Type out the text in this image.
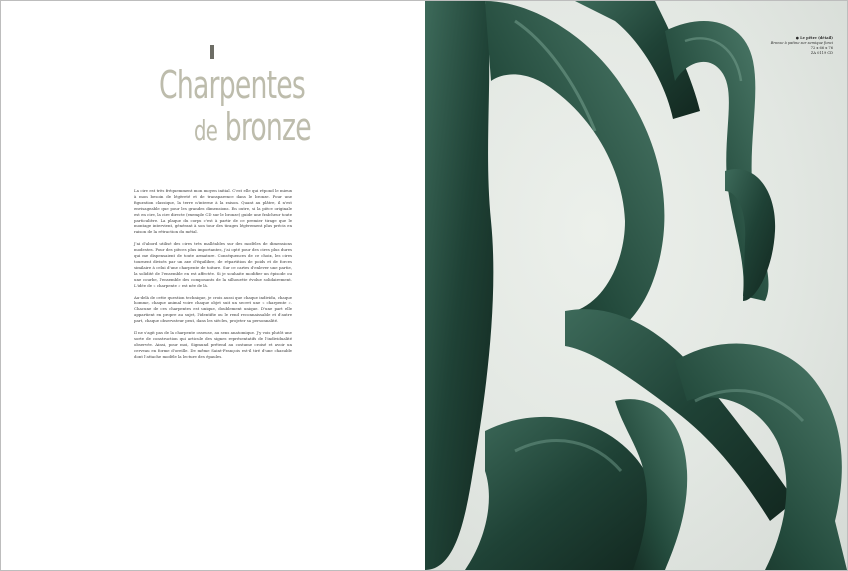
Charpentes
de bronze

La cire est très fréquemment mon moyen initial. C'est elle qui répond le mieux à mon besoin de légèreté et de transparence dans le bronze. Pour une figuration classique, la terre n'interne à la raison. Quant au plâtre, il n'est envisageable que pour les grandes dimensions. En outre, si la pièce originale est en cire, la cire directe (exemple CD sur le bronze) guide une fraîcheur toute particulière. La plaque du corps c'est à partir de ce premier tirage que le montage intervient, générant à son tour des tirages légèrement plus précis en raison de la rétraction du métal.

J'ai d'abord utilisé des cires très malléables sur des modèles de dimensions modestes. Pour des pièces plus importantes, j'ai opté pour des cires plus dures qui me dispensaient de toute armature. Conséquences de ce choix, les cires tournent divisés par un axe d'équilibre, de répartition de poids et de forces similaire à celui d'une charpente de toiture. Sur ce cartes d'enlever une partie, la solidité de l'ensemble en est affectée. Si je souhaite modifier un épisode ou une courbe, l'ensemble des composants de la silhouette évolue solidairement. L'idée de « charpente » est née de là.

Au-delà de cette question technique, je crois aussi que chaque individu, chaque homme, chaque animal voire chaque objet suit un secret une « charpente ». Chacune de ces charpentes est unique, doublement unique. D'une part elle appartient en propre au sujet, l'identifie ou le rend reconnaissable et d'autre part, chaque observateur peut, dans les siècles, projeter sa personnalité.

Il ne s'agit pas de la charpente osseuse, au sens anatomique. J'y vois plutôt une sorte de construction qui articule des signes représentatifs de l'individualité observée. Ainsi, pour moi, Sigmund prétend au costume croisé et avoir un cerveau en forme d'oreille. De même Saint-François est-il tiré d'une chasuble dont l'attache modèle la lecture des épaules.

● Le pêtre (détail)
Bronze à patine sur semique fonci
72 x 66 x 76
ZA 0119 CD
